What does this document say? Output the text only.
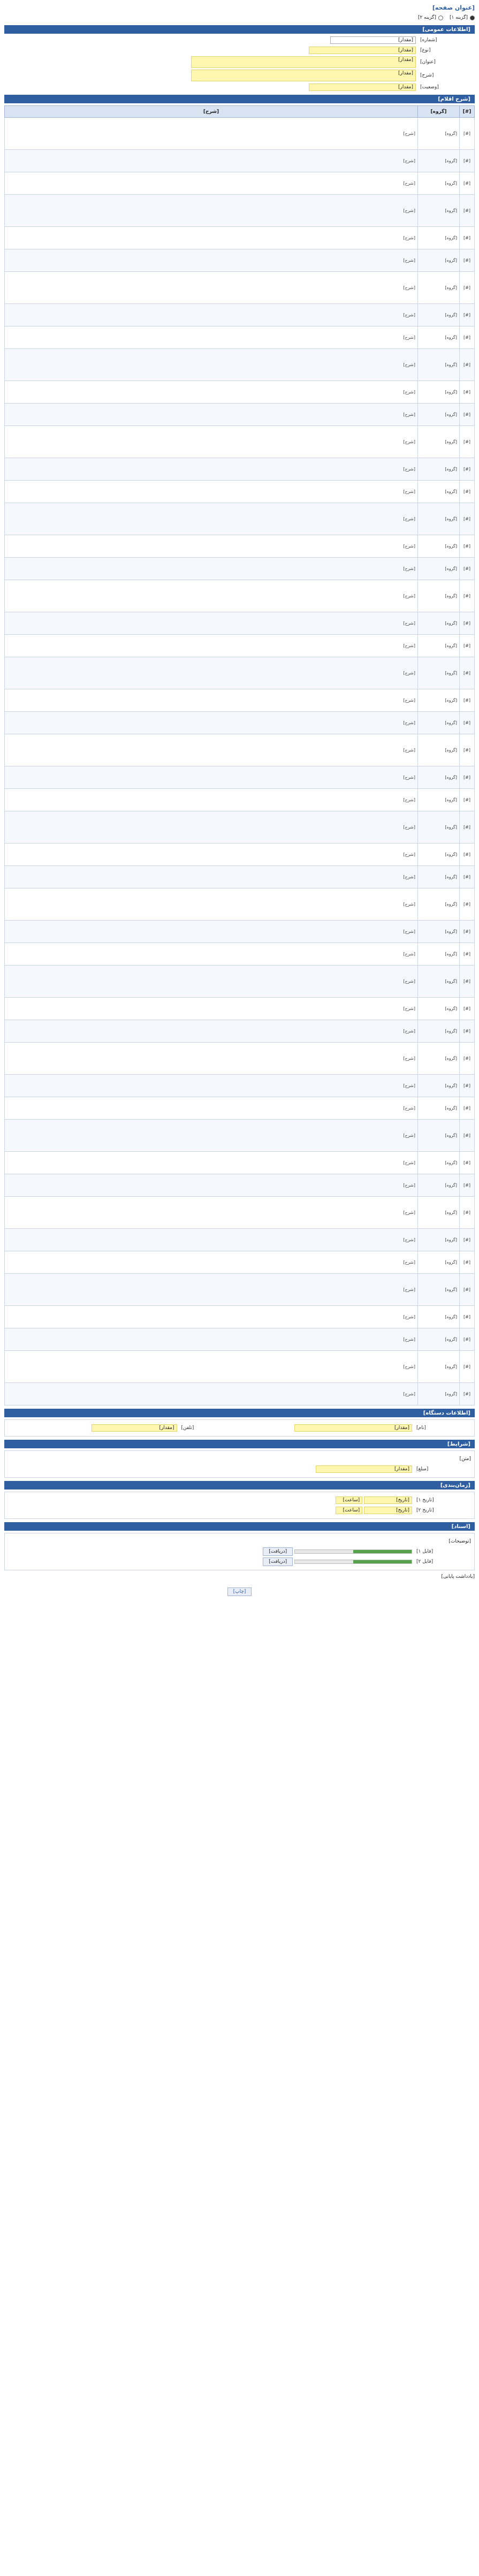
[عنوان صفحه]
[گزینه ۱]
[گزینه ۲]
[اطلاعات عمومی]
[شماره]
[مقدار]
[نوع]
[مقدار]
[عنوان]
[مقدار]
[شرح]
[مقدار]
[وضعیت]
[مقدار]
[شرح اقلام]
[#]	[گروه]	[شرح]
[#]	[گروه]	[شرح]
[#]	[گروه]	[شرح]
[#]	[گروه]	[شرح]
[#]	[گروه]	[شرح]
[#]	[گروه]	[شرح]
[#]	[گروه]	[شرح]
[#]	[گروه]	[شرح]
[#]	[گروه]	[شرح]
[#]	[گروه]	[شرح]
[#]	[گروه]	[شرح]
[#]	[گروه]	[شرح]
[#]	[گروه]	[شرح]
[#]	[گروه]	[شرح]
[#]	[گروه]	[شرح]
[#]	[گروه]	[شرح]
[#]	[گروه]	[شرح]
[#]	[گروه]	[شرح]
[#]	[گروه]	[شرح]
[#]	[گروه]	[شرح]
[#]	[گروه]	[شرح]
[#]	[گروه]	[شرح]
[#]	[گروه]	[شرح]
[#]	[گروه]	[شرح]
[#]	[گروه]	[شرح]
[#]	[گروه]	[شرح]
[#]	[گروه]	[شرح]
[#]	[گروه]	[شرح]
[#]	[گروه]	[شرح]
[#]	[گروه]	[شرح]
[#]	[گروه]	[شرح]
[#]	[گروه]	[شرح]
[#]	[گروه]	[شرح]
[#]	[گروه]	[شرح]
[#]	[گروه]	[شرح]
[#]	[گروه]	[شرح]
[#]	[گروه]	[شرح]
[#]	[گروه]	[شرح]
[#]	[گروه]	[شرح]
[#]	[گروه]	[شرح]
[#]	[گروه]	[شرح]
[#]	[گروه]	[شرح]
[#]	[گروه]	[شرح]
[#]	[گروه]	[شرح]
[#]	[گروه]	[شرح]
[#]	[گروه]	[شرح]
[#]	[گروه]	[شرح]
[#]	[گروه]	[شرح]
[#]	[گروه]	[شرح]
[#]	[گروه]	[شرح]
[#]	[گروه]	[شرح]
[اطلاعات دستگاه]
[نام]
[مقدار]
[تلفن]
[مقدار]
[شرایط]
[متن]
[مبلغ]
[مقدار]
[زمان‌بندی]
[تاریخ ۱]
[تاریخ]

[ساعت]
[تاریخ ۲]
[تاریخ]

[ساعت]
[اسناد]
[توضیحات]
[فایل ۱]

[دریافت]
[فایل ۲]

[دریافت]
[یادداشت پایانی]
[چاپ]
